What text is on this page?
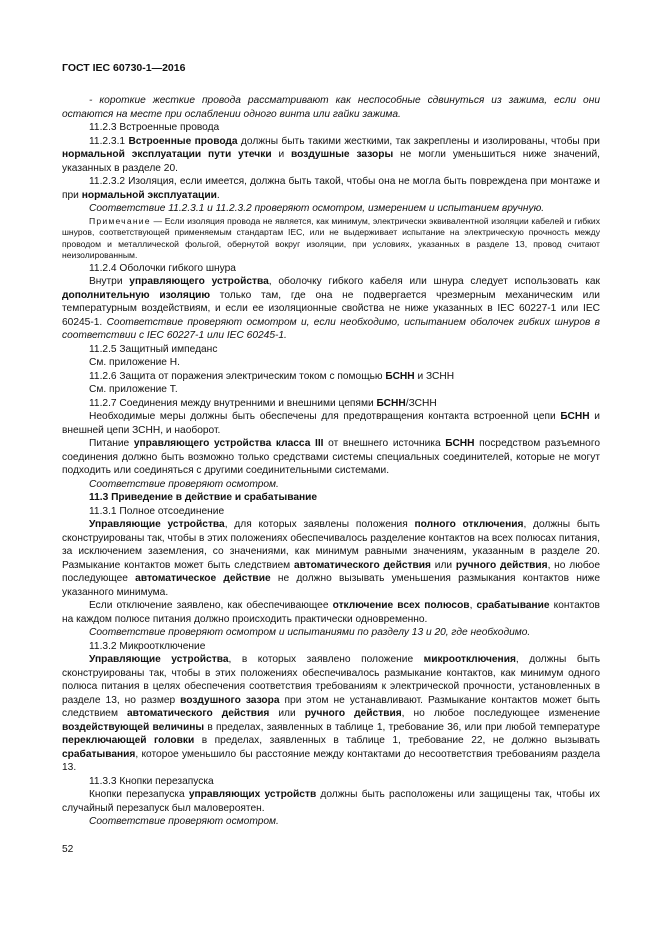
ГОСТ IEC 60730-1—2016

- короткие жесткие провода рассматривают как неспособные сдвинуться из зажима, если они остаются на месте при ослаблении одного винта или гайки зажима.

11.2.3 Встроенные провода

11.2.3.1 Встроенные провода должны быть такими жесткими, так закреплены и изолированы, чтобы при нормальной эксплуатации пути утечки и воздушные зазоры не могли уменьшиться ниже значений, указанных в разделе 20.

11.2.3.2 Изоляция, если имеется, должна быть такой, чтобы она не могла быть повреждена при монтаже и при нормальной эксплуатации.

Соответствие 11.2.3.1 и 11.2.3.2 проверяют осмотром, измерением и испытанием вручную.

Примечание — Если изоляция провода не является, как минимум, электрически эквивалентной изоляции кабелей и гибких шнуров, соответствующей применяемым стандартам IEC, или не выдерживает испытание на электрическую прочность между проводом и металлической фольгой, обернутой вокруг изоляции, при условиях, указанных в разделе 13, провод считают неизолированным.

11.2.4 Оболочки гибкого шнура

Внутри управляющего устройства, оболочку гибкого кабеля или шнура следует использовать как дополнительную изоляцию только там, где она не подвергается чрезмерным механическим или температурным воздействиям, и если ее изоляционные свойства не ниже указанных в IEC 60227-1 или IEC 60245-1. Соответствие проверяют осмотром и, если необходимо, испытанием оболочек гибких шнуров в соответствии с IEC 60227-1 или IEC 60245-1.

11.2.5 Защитный импеданс

См. приложение Н.

11.2.6 Защита от поражения электрическим током с помощью БСНН и ЗСНН

См. приложение Т.

11.2.7 Соединения между внутренними и внешними цепями БСНН/ЗСНН

Необходимые меры должны быть обеспечены для предотвращения контакта встроенной цепи БСНН и внешней цепи ЗСНН, и наоборот.

Питание управляющего устройства класса III от внешнего источника БСНН посредством разъемного соединения должно быть возможно только средствами системы специальных соединителей, которые не могут подходить или соединяться с другими соединительными системами.

Соответствие проверяют осмотром.

11.3 Приведение в действие и срабатывание

11.3.1 Полное отсоединение

Управляющие устройства, для которых заявлены положения полного отключения, должны быть сконструированы так, чтобы в этих положениях обеспечивалось разделение контактов на всех полюсах питания, за исключением заземления, со значениями, как минимум равными значениям, указанным в разделе 20. Размыкание контактов может быть следствием автоматического действия или ручного действия, но любое последующее автоматическое действие не должно вызывать уменьшения размыкания контактов ниже указанного минимума.

Если отключение заявлено, как обеспечивающее отключение всех полюсов, срабатывание контактов на каждом полюсе питания должно происходить практически одновременно.

Соответствие проверяют осмотром и испытаниями по разделу 13 и 20, где необходимо.

11.3.2 Микроотключение

Управляющие устройства, в которых заявлено положение микроотключения, должны быть сконструированы так, чтобы в этих положениях обеспечивалось размыкание контактов, как минимум одного полюса питания в целях обеспечения соответствия требованиям к электрической прочности, установленных в разделе 13, но размер воздушного зазора при этом не устанавливают. Размыкание контактов может быть следствием автоматического действия или ручного действия, но любое последующее изменение воздействующей величины в пределах, заявленных в таблице 1, требование 36, или при любой температуре переключающей головки в пределах, заявленных в таблице 1, требование 22, не должно вызывать срабатывания, которое уменьшило бы расстояние между контактами до несоответствия требованиям раздела 13.

11.3.3 Кнопки перезапуска

Кнопки перезапуска управляющих устройств должны быть расположены или защищены так, чтобы их случайный перезапуск был маловероятен.

Соответствие проверяют осмотром.

52
